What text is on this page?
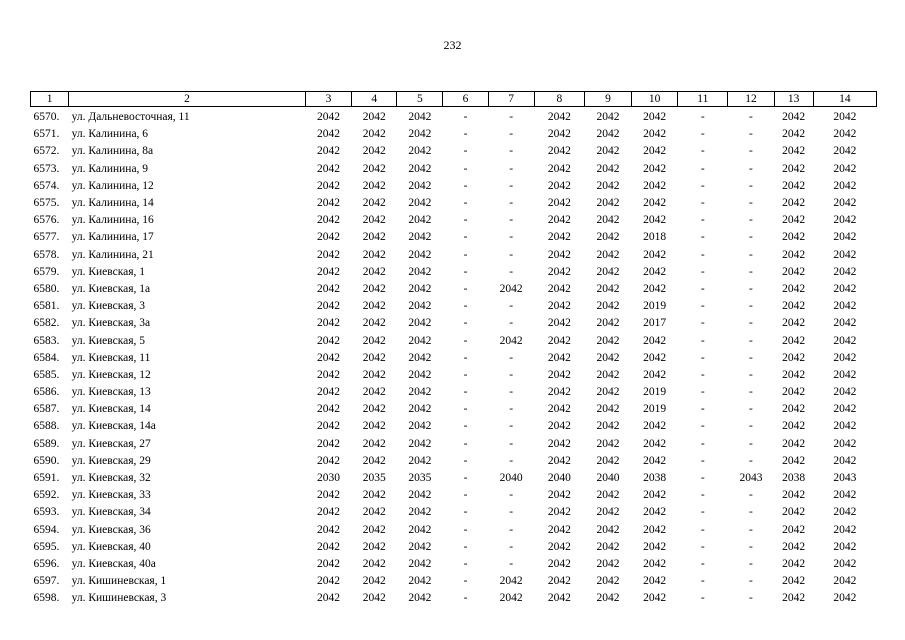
232
1	2	3	4	5	6	7	8	9	10	11	12	13	14
6570.	ул. Дальневосточная, 11	2042	2042	2042	-	-	2042	2042	2042	-	-	2042	2042
6571.	ул. Калинина, 6	2042	2042	2042	-	-	2042	2042	2042	-	-	2042	2042
6572.	ул. Калинина, 8а	2042	2042	2042	-	-	2042	2042	2042	-	-	2042	2042
6573.	ул. Калинина, 9	2042	2042	2042	-	-	2042	2042	2042	-	-	2042	2042
6574.	ул. Калинина, 12	2042	2042	2042	-	-	2042	2042	2042	-	-	2042	2042
6575.	ул. Калинина, 14	2042	2042	2042	-	-	2042	2042	2042	-	-	2042	2042
6576.	ул. Калинина, 16	2042	2042	2042	-	-	2042	2042	2042	-	-	2042	2042
6577.	ул. Калинина, 17	2042	2042	2042	-	-	2042	2042	2018	-	-	2042	2042
6578.	ул. Калинина, 21	2042	2042	2042	-	-	2042	2042	2042	-	-	2042	2042
6579.	ул. Киевская, 1	2042	2042	2042	-	-	2042	2042	2042	-	-	2042	2042
6580.	ул. Киевская, 1а	2042	2042	2042	-	2042	2042	2042	2042	-	-	2042	2042
6581.	ул. Киевская, 3	2042	2042	2042	-	-	2042	2042	2019	-	-	2042	2042
6582.	ул. Киевская, 3а	2042	2042	2042	-	-	2042	2042	2017	-	-	2042	2042
6583.	ул. Киевская, 5	2042	2042	2042	-	2042	2042	2042	2042	-	-	2042	2042
6584.	ул. Киевская, 11	2042	2042	2042	-	-	2042	2042	2042	-	-	2042	2042
6585.	ул. Киевская, 12	2042	2042	2042	-	-	2042	2042	2042	-	-	2042	2042
6586.	ул. Киевская, 13	2042	2042	2042	-	-	2042	2042	2019	-	-	2042	2042
6587.	ул. Киевская, 14	2042	2042	2042	-	-	2042	2042	2019	-	-	2042	2042
6588.	ул. Киевская, 14а	2042	2042	2042	-	-	2042	2042	2042	-	-	2042	2042
6589.	ул. Киевская, 27	2042	2042	2042	-	-	2042	2042	2042	-	-	2042	2042
6590.	ул. Киевская, 29	2042	2042	2042	-	-	2042	2042	2042	-	-	2042	2042
6591.	ул. Киевская, 32	2030	2035	2035	-	2040	2040	2040	2038	-	2043	2038	2043
6592.	ул. Киевская, 33	2042	2042	2042	-	-	2042	2042	2042	-	-	2042	2042
6593.	ул. Киевская, 34	2042	2042	2042	-	-	2042	2042	2042	-	-	2042	2042
6594.	ул. Киевская, 36	2042	2042	2042	-	-	2042	2042	2042	-	-	2042	2042
6595.	ул. Киевская, 40	2042	2042	2042	-	-	2042	2042	2042	-	-	2042	2042
6596.	ул. Киевская, 40а	2042	2042	2042	-	-	2042	2042	2042	-	-	2042	2042
6597.	ул. Кишиневская, 1	2042	2042	2042	-	2042	2042	2042	2042	-	-	2042	2042
6598.	ул. Кишиневская, 3	2042	2042	2042	-	2042	2042	2042	2042	-	-	2042	2042
